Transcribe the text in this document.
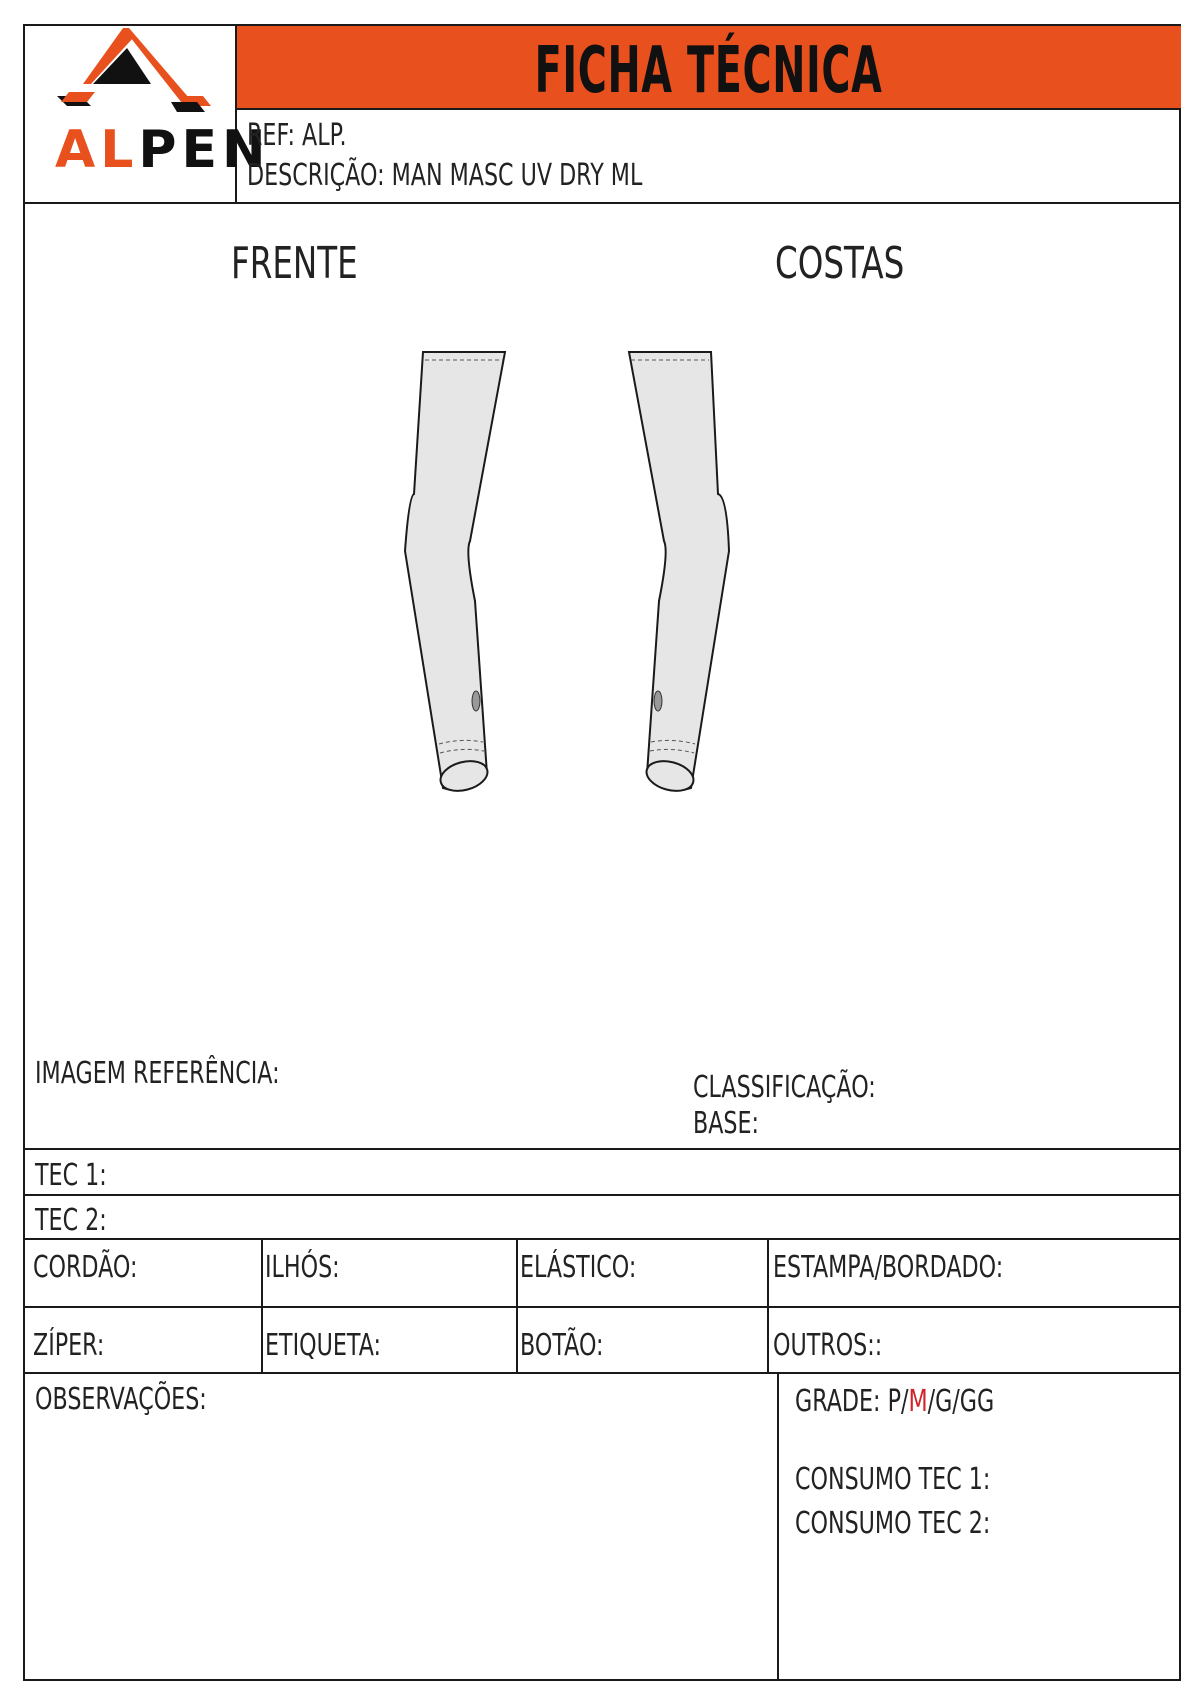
ALPEN
FICHA TÉCNICA
REF: ALP.
DESCRIÇÃO: MAN MASC UV DRY ML
FRENTE	COSTAS
IMAGEM REFERÊNCIA:	CLASSIFICAÇÃO:
BASE:
TEC 1:
TEC 2:
CORDÃO:	ILHÓS:	ELÁSTICO:	ESTAMPA/BORDADO:
ZÍPER:	ETIQUETA:	BOTÃO:	OUTROS::
OBSERVAÇÕES:	GRADE: P/M/G/GG
CONSUMO TEC 1:
CONSUMO TEC 2:
